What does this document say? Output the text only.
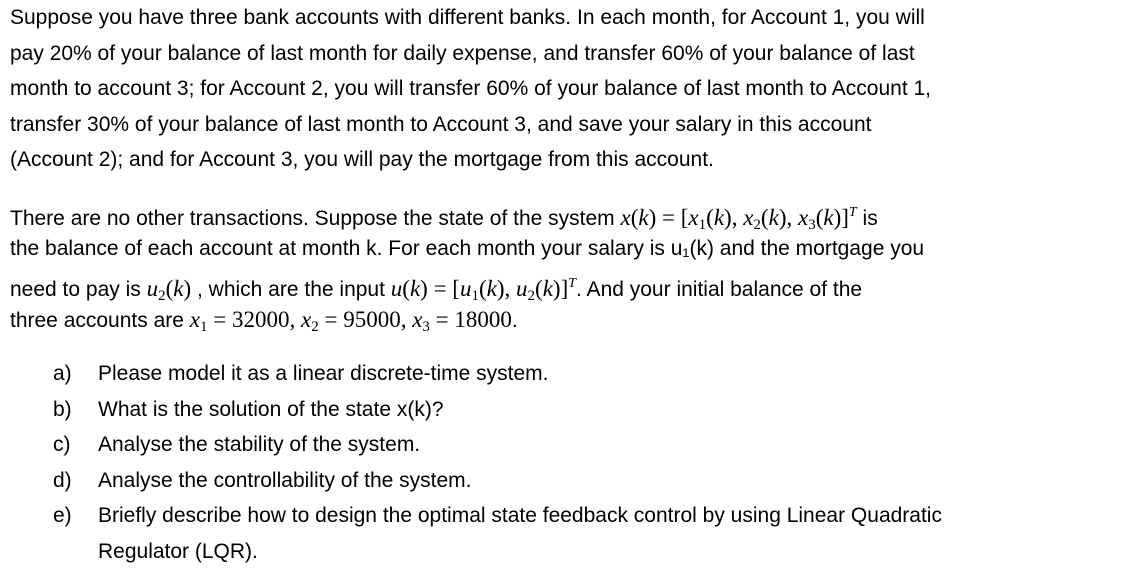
Suppose you have three bank accounts with different banks. In each month, for Account 1, you will
pay 20% of your balance of last month for daily expense, and transfer 60% of your balance of last
month to account 3; for Account 2, you will transfer 60% of your balance of last month to Account 1,
transfer 30% of your balance of last month to Account 3, and save your salary in this account
(Account 2); and for Account 3, you will pay the mortgage from this account.
There are no other transactions. Suppose the state of the system $x(k) = [x_1(k)$, $x_2(k)$, $x_3(k)]^T$ is
the balance of each account at month k. For each month your salary is u₁(k) and the mortgage you
need to pay is $u_2(k)$ , which are the input $u(k) = [u_1(k)$, $u_2(k)]^T$. And your initial balance of the
three accounts are $x_1 = 32000$, $x_2 = 95000$, $x_3 = 18000$.
a)	Please model it as a linear discrete-time system.
b)	What is the solution of the state x(k)?
c)	Analyse the stability of the system.
d)	Analyse the controllability of the system.
e)	Briefly describe how to design the optimal state feedback control by using Linear Quadratic
Regulator (LQR).
